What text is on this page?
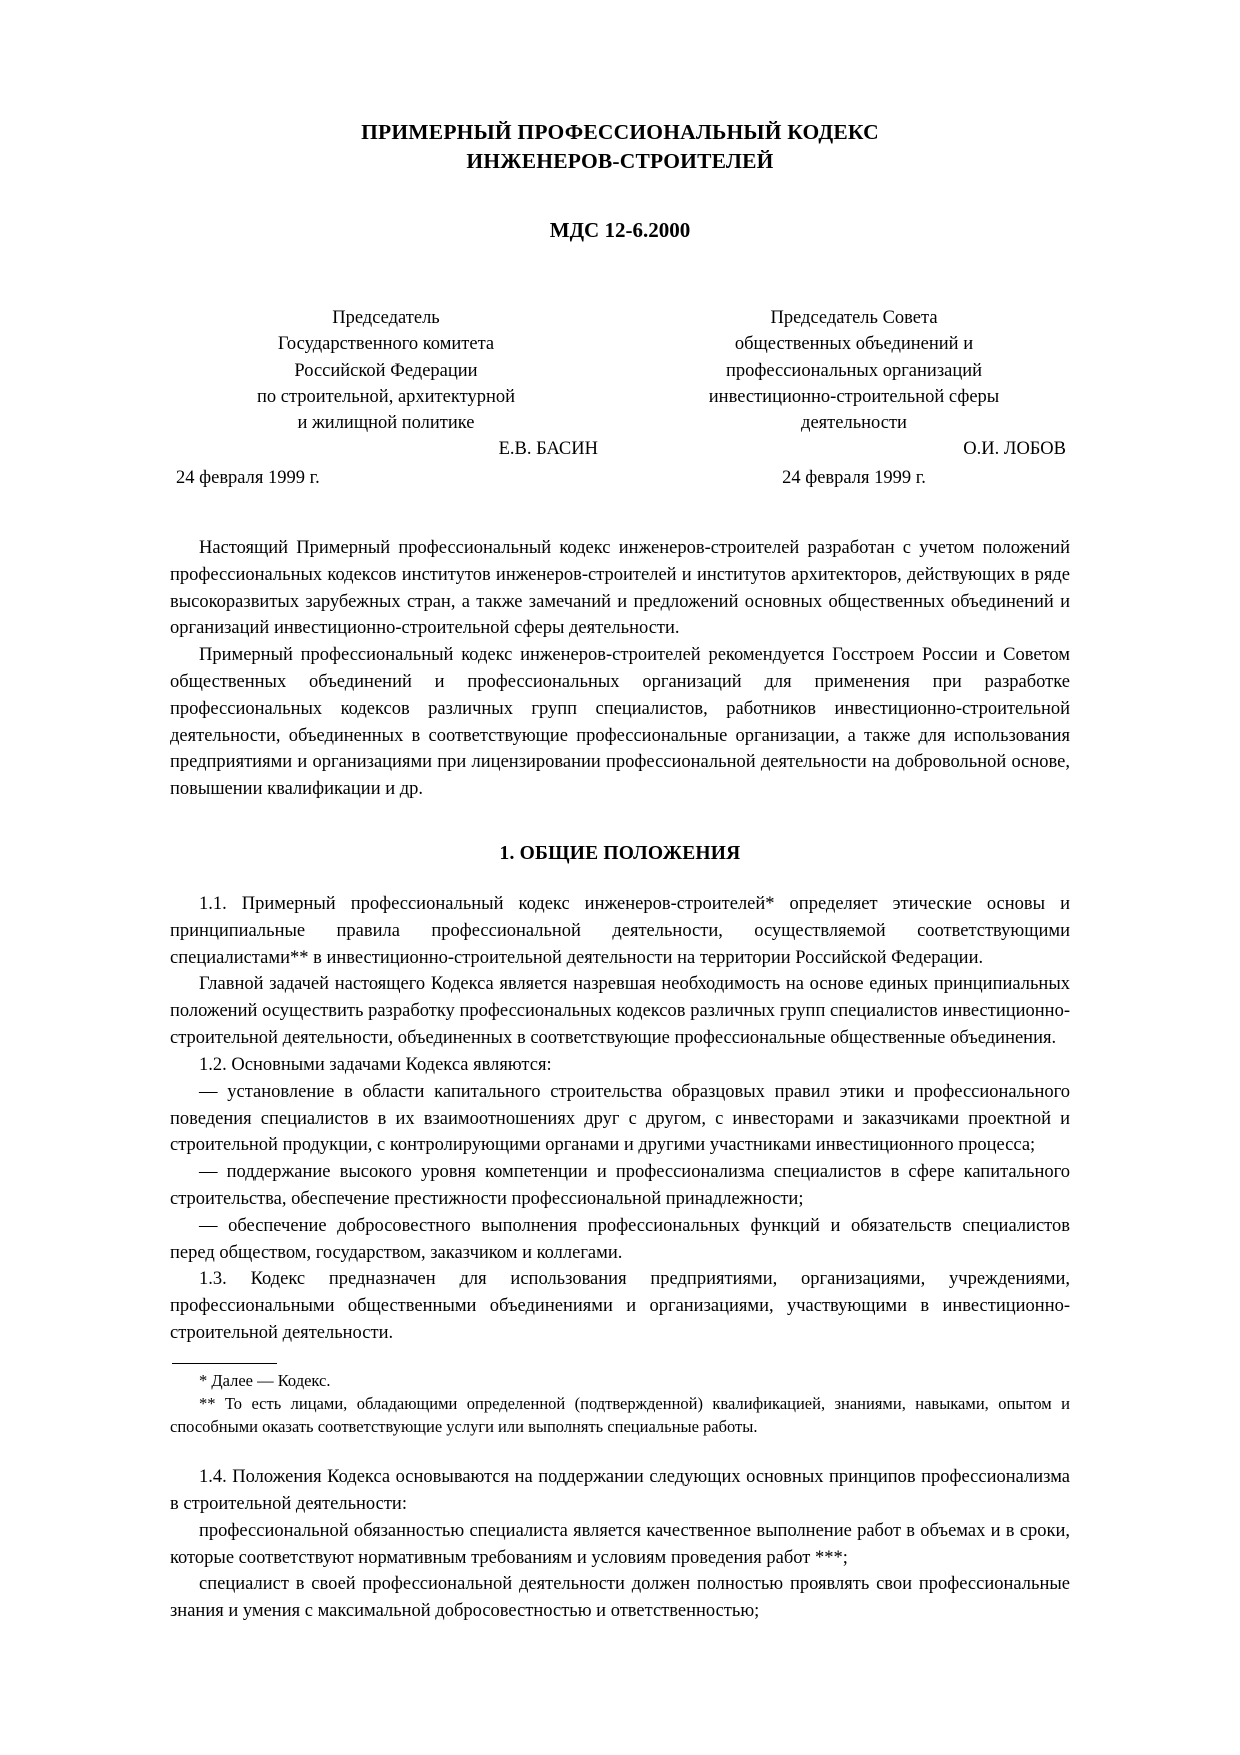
ПРИМЕРНЫЙ ПРОФЕССИОНАЛЬНЫЙ КОДЕКС
ИНЖЕНЕРОВ-СТРОИТЕЛЕЙ
МДС 12-6.2000
Председатель
Государственного комитета
Российской Федерации
по строительной, архитектурной
и жилищной политике
Е.В. БАСИН
24 февраля 1999 г.
Председатель Совета
общественных объединений и
профессиональных организаций
инвестиционно-строительной сферы
деятельности
О.И. ЛОБОВ
24 февраля 1999 г.

Настоящий Примерный профессиональный кодекс инженеров-строителей разработан с учетом положений профессиональных кодексов институтов инженеров-строителей и институтов архитекторов, действующих в ряде высокоразвитых зарубежных стран, а также замечаний и предложений основных общественных объединений и организаций инвестиционно-строительной сферы деятельности.

Примерный профессиональный кодекс инженеров-строителей рекомендуется Госстроем России и Советом общественных объединений и профессиональных организаций для применения при разработке профессиональных кодексов различных групп специалистов, работников инвестиционно-строительной деятельности, объединенных в соответствующие профессиональные организации, а также для использования предприятиями и организациями при лицензировании профессиональной деятельности на добровольной основе, повышении квалификации и др.

1. ОБЩИЕ ПОЛОЖЕНИЯ

1.1. Примерный профессиональный кодекс инженеров-строителей* определяет этические основы и принципиальные правила профессиональной деятельности, осуществляемой соответствующими специалистами** в инвестиционно-строительной деятельности на территории Российской Федерации.

Главной задачей настоящего Кодекса является назревшая необходимость на основе единых принципиальных положений осуществить разработку профессиональных кодексов различных групп специалистов инвестиционно-строительной деятельности, объединенных в соответствующие профессиональные общественные объединения.

1.2. Основными задачами Кодекса являются:

— установление в области капитального строительства образцовых правил этики и профессионального поведения специалистов в их взаимоотношениях друг с другом, с инвесторами и заказчиками проектной и строительной продукции, с контролирующими органами и другими участниками инвестиционного процесса;

— поддержание высокого уровня компетенции и профессионализма специалистов в сфере капитального строительства, обеспечение престижности профессиональной принадлежности;

— обеспечение добросовестного выполнения профессиональных функций и обязательств специалистов перед обществом, государством, заказчиком и коллегами.

1.3. Кодекс предназначен для использования предприятиями, организациями, учреждениями, профессиональными общественными объединениями и организациями, участвующими в инвестиционно-строительной деятельности.

* Далее — Кодекс.

** То есть лицами, обладающими определенной (подтвержденной) квалификацией, знаниями, навыками, опытом и способными оказать соответствующие услуги или выполнять специальные работы.

1.4. Положения Кодекса основываются на поддержании следующих основных принципов профессионализма в строительной деятельности:

профессиональной обязанностью специалиста является качественное выполнение работ в объемах и в сроки, которые соответствуют нормативным требованиям и условиям проведения работ ***;

специалист в своей профессиональной деятельности должен полностью проявлять свои профессиональные знания и умения с максимальной добросовестностью и ответственностью;
